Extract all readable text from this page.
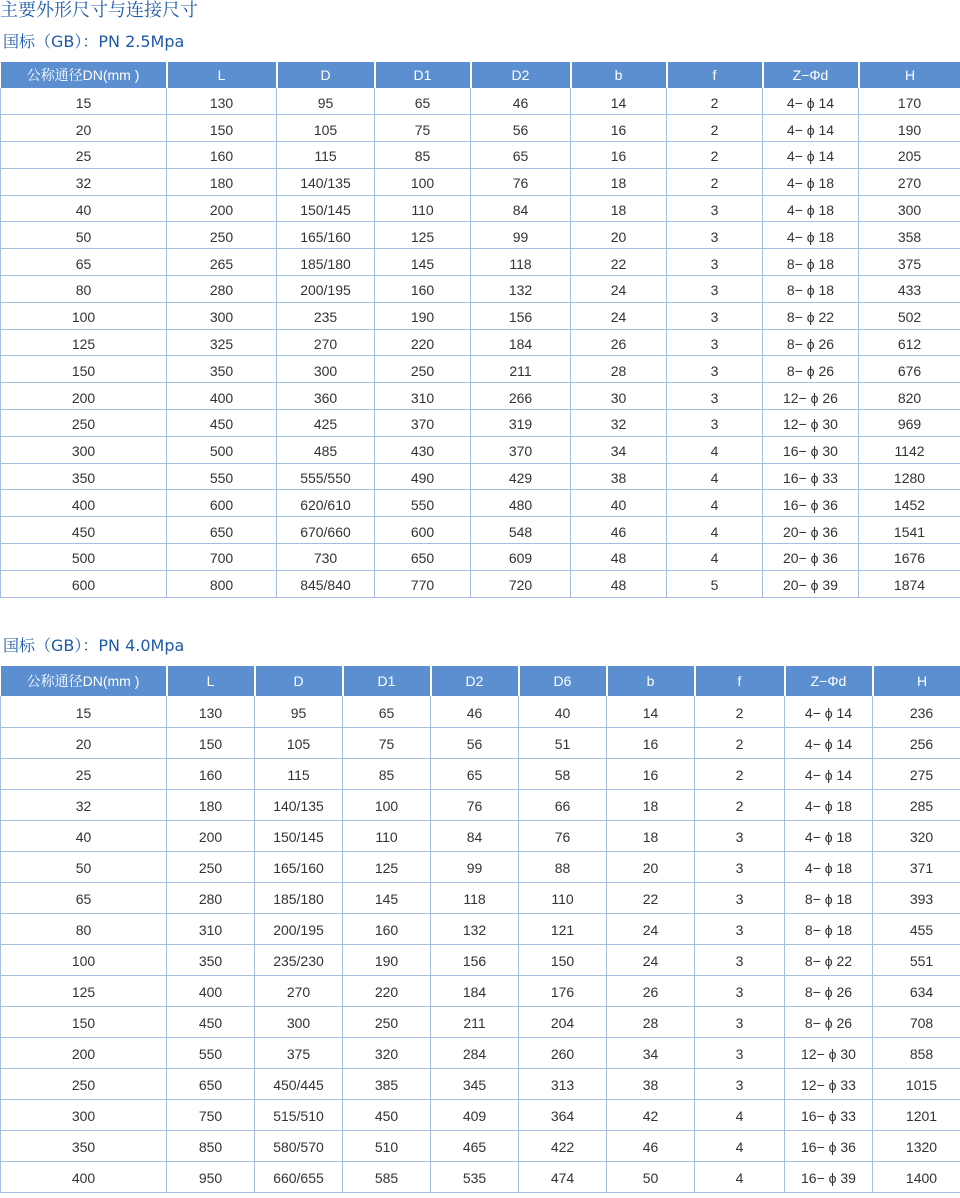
主要外形尺寸与连接尺寸
国标（GB）：PN 2.5Mpa
公称通径DN(mm )	L	D	D1	D2	b	f	Z−Φd	H
15	130	95	65	46	14	2	4− ϕ 14	170
20	150	105	75	56	16	2	4− ϕ 14	190
25	160	115	85	65	16	2	4− ϕ 14	205
32	180	140/135	100	76	18	2	4− ϕ 18	270
40	200	150/145	110	84	18	3	4− ϕ 18	300
50	250	165/160	125	99	20	3	4− ϕ 18	358
65	265	185/180	145	118	22	3	8− ϕ 18	375
80	280	200/195	160	132	24	3	8− ϕ 18	433
100	300	235	190	156	24	3	8− ϕ 22	502
125	325	270	220	184	26	3	8− ϕ 26	612
150	350	300	250	211	28	3	8− ϕ 26	676
200	400	360	310	266	30	3	12− ϕ 26	820
250	450	425	370	319	32	3	12− ϕ 30	969
300	500	485	430	370	34	4	16− ϕ 30	1142
350	550	555/550	490	429	38	4	16− ϕ 33	1280
400	600	620/610	550	480	40	4	16− ϕ 36	1452
450	650	670/660	600	548	46	4	20− ϕ 36	1541
500	700	730	650	609	48	4	20− ϕ 36	1676
600	800	845/840	770	720	48	5	20− ϕ 39	1874
国标（GB）：PN 4.0Mpa
公称通径DN(mm )	L	D	D1	D2	D6	b	f	Z−Φd	H
15	130	95	65	46	40	14	2	4− ϕ 14	236
20	150	105	75	56	51	16	2	4− ϕ 14	256
25	160	115	85	65	58	16	2	4− ϕ 14	275
32	180	140/135	100	76	66	18	2	4− ϕ 18	285
40	200	150/145	110	84	76	18	3	4− ϕ 18	320
50	250	165/160	125	99	88	20	3	4− ϕ 18	371
65	280	185/180	145	118	110	22	3	8− ϕ 18	393
80	310	200/195	160	132	121	24	3	8− ϕ 18	455
100	350	235/230	190	156	150	24	3	8− ϕ 22	551
125	400	270	220	184	176	26	3	8− ϕ 26	634
150	450	300	250	211	204	28	3	8− ϕ 26	708
200	550	375	320	284	260	34	3	12− ϕ 30	858
250	650	450/445	385	345	313	38	3	12− ϕ 33	1015
300	750	515/510	450	409	364	42	4	16− ϕ 33	1201
350	850	580/570	510	465	422	46	4	16− ϕ 36	1320
400	950	660/655	585	535	474	50	4	16− ϕ 39	1400
